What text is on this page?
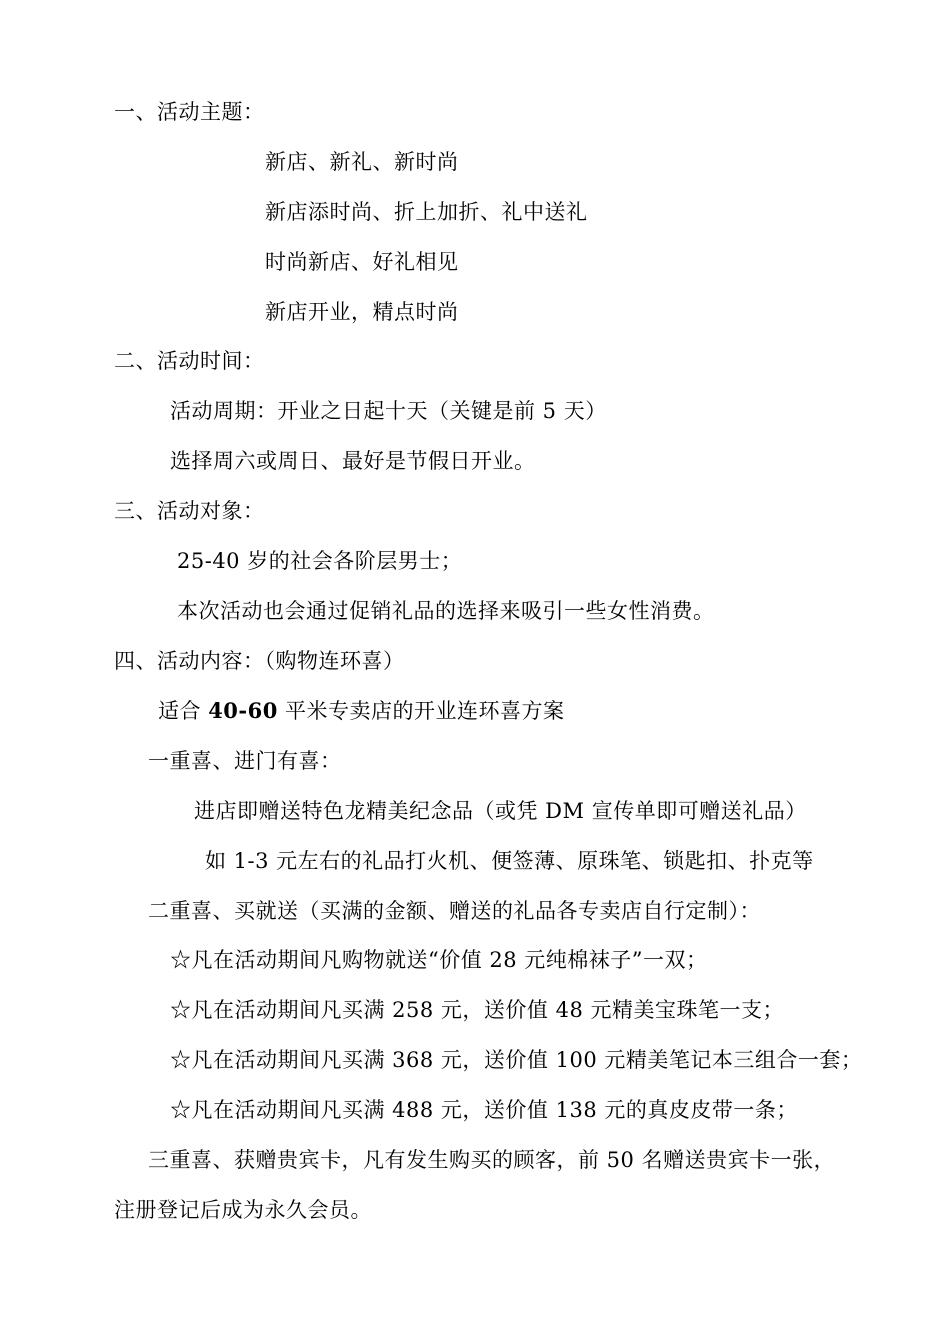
一、活动主题：
新店、新礼、新时尚
新店添时尚、折上加折、礼中送礼
时尚新店、好礼相见
新店开业，精点时尚
二、活动时间：
活动周期：开业之日起十天（关键是前 5 天）
选择周六或周日、最好是节假日开业。
三、活动对象：
25-40 岁的社会各阶层男士；
本次活动也会通过促销礼品的选择来吸引一些女性消费。
四、活动内容：（购物连环喜）
适合 40-60 平米专卖店的开业连环喜方案
一重喜、进门有喜：
进店即赠送特色龙精美纪念品（或凭 DM 宣传单即可赠送礼品）
如 1-3 元左右的礼品打火机、便签薄、原珠笔、锁匙扣、扑克等
二重喜、买就送（买满的金额、赠送的礼品各专卖店自行定制）：
☆凡在活动期间凡购物就送“价值 28 元纯棉袜子”一双；
☆凡在活动期间凡买满 258 元，送价值 48 元精美宝珠笔一支；
☆凡在活动期间凡买满 368 元，送价值 100 元精美笔记本三组合一套；
☆凡在活动期间凡买满 488 元，送价值 138 元的真皮皮带一条；
三重喜、获赠贵宾卡，凡有发生购买的顾客，前 50 名赠送贵宾卡一张，
注册登记后成为永久会员。
